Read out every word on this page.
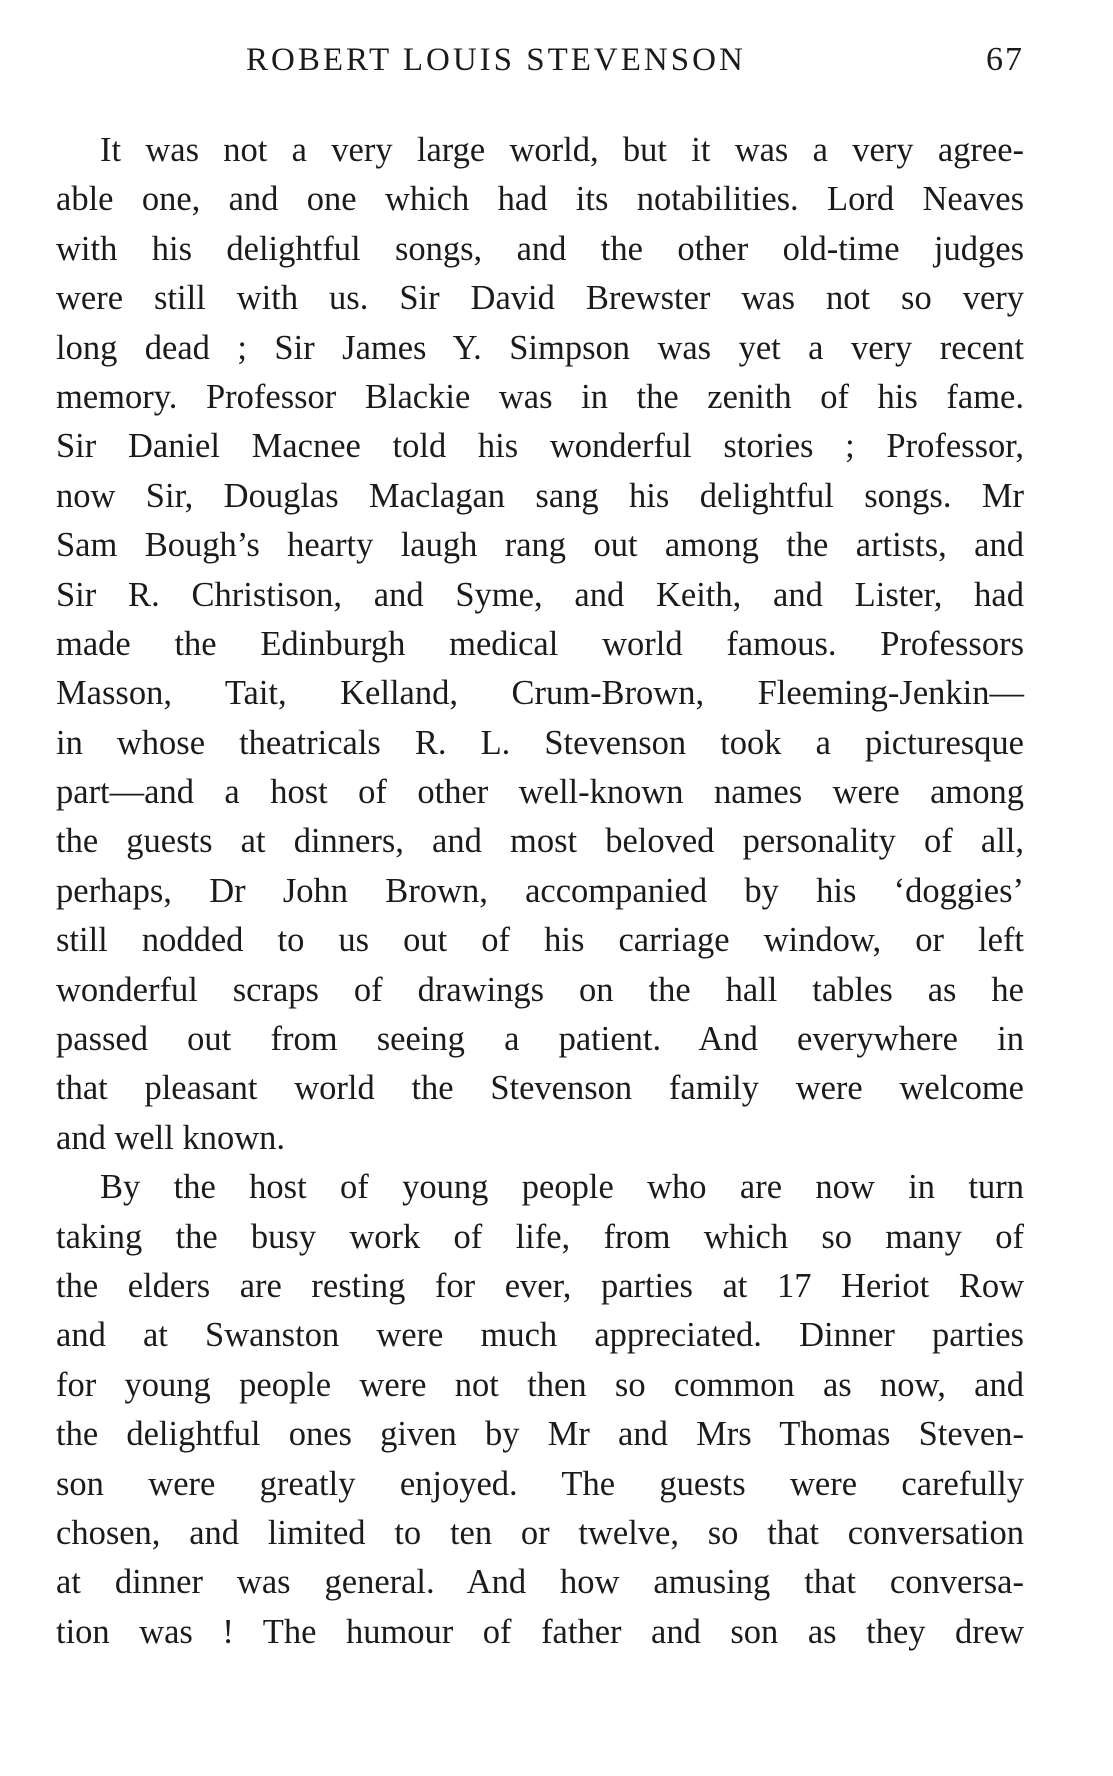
ROBERT LOUIS STEVENSON	67
It was not a very large world, but it was a very agree-
able one, and one which had its notabilities. Lord Neaves
with his delightful songs, and the other old-time judges
were still with us. Sir David Brewster was not so very
long dead ; Sir James Y. Simpson was yet a very recent
memory. Professor Blackie was in the zenith of his fame.
Sir Daniel Macnee told his wonderful stories ; Professor,
now Sir, Douglas Maclagan sang his delightful songs. Mr
Sam Bough’s hearty laugh rang out among the artists, and
Sir R. Christison, and Syme, and Keith, and Lister, had
made the Edinburgh medical world famous. Professors
Masson, Tait, Kelland, Crum-Brown, Fleeming-Jenkin—
in whose theatricals R. L. Stevenson took a picturesque
part—and a host of other well-known names were among
the guests at dinners, and most beloved personality of all,
perhaps, Dr John Brown, accompanied by his ‘doggies’
still nodded to us out of his carriage window, or left
wonderful scraps of drawings on the hall tables as he
passed out from seeing a patient. And everywhere in
that pleasant world the Stevenson family were welcome
and well known.
By the host of young people who are now in turn
taking the busy work of life, from which so many of
the elders are resting for ever, parties at 17 Heriot Row
and at Swanston were much appreciated. Dinner parties
for young people were not then so common as now, and
the delightful ones given by Mr and Mrs Thomas Steven-
son were greatly enjoyed. The guests were carefully
chosen, and limited to ten or twelve, so that conversation
at dinner was general. And how amusing that conversa-
tion was ! The humour of father and son as they drew
